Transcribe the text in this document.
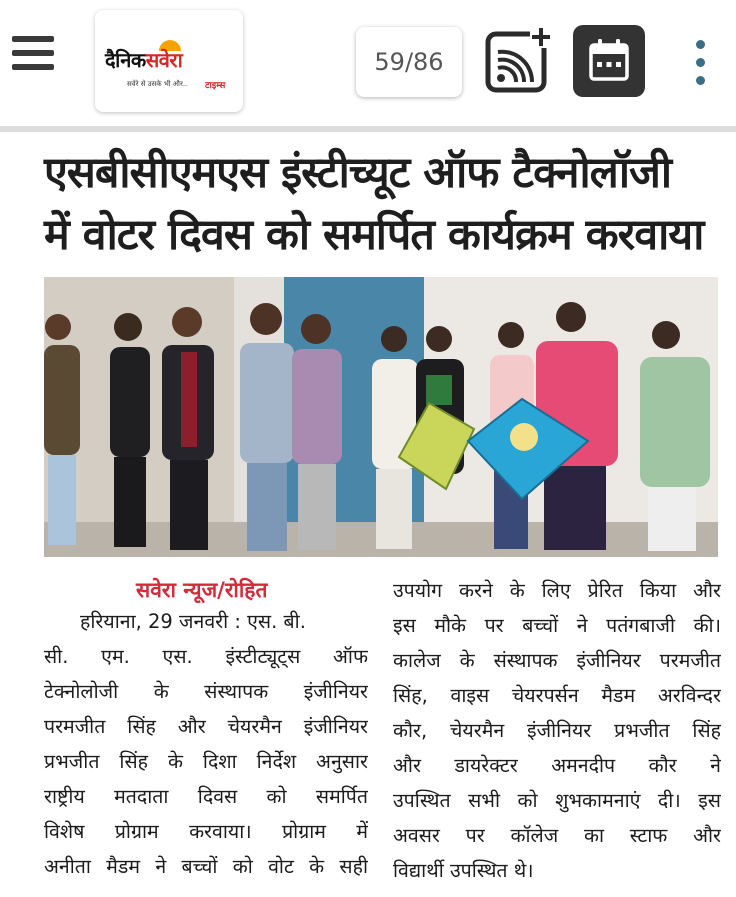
दैनिकसवेरा
सवेरे से उसके भी और.. टाइम्स
59/86
एसबीसीएमएस इंस्टीच्यूट ऑफ टैक्नोलॉजी
में वोटर दिवस को समर्पित कार्यक्रम करवाया
सवेरा न्यूज/रोहित

हरियाना, 29 जनवरी : एस. बी.

सी. एम. एस. इंस्टीट्यूट्स ऑफ

टेक्नोलोजी के संस्थापक इंजीनियर

परमजीत सिंह और चेयरमैन इंजीनियर

प्रभजीत सिंह के दिशा निर्देश अनुसार

राष्ट्रीय मतदाता दिवस को समर्पित

विशेष प्रोग्राम करवाया। प्रोग्राम में

अनीता मैडम ने बच्चों को वोट के सही

उपयोग करने के लिए प्रेरित किया और

इस मौके पर बच्चों ने पतंगबाजी की।

कालेज के संस्थापक इंजीनियर परमजीत

सिंह, वाइस चेयरपर्सन मैडम अरविन्दर

कौर, चेयरमैन इंजीनियर प्रभजीत सिंह

और डायरेक्टर अमनदीप कौर ने

उपस्थित सभी को शुभकामनाएं दी। इस

अवसर पर कॉलेज का स्टाफ और

विद्यार्थी उपस्थित थे।
